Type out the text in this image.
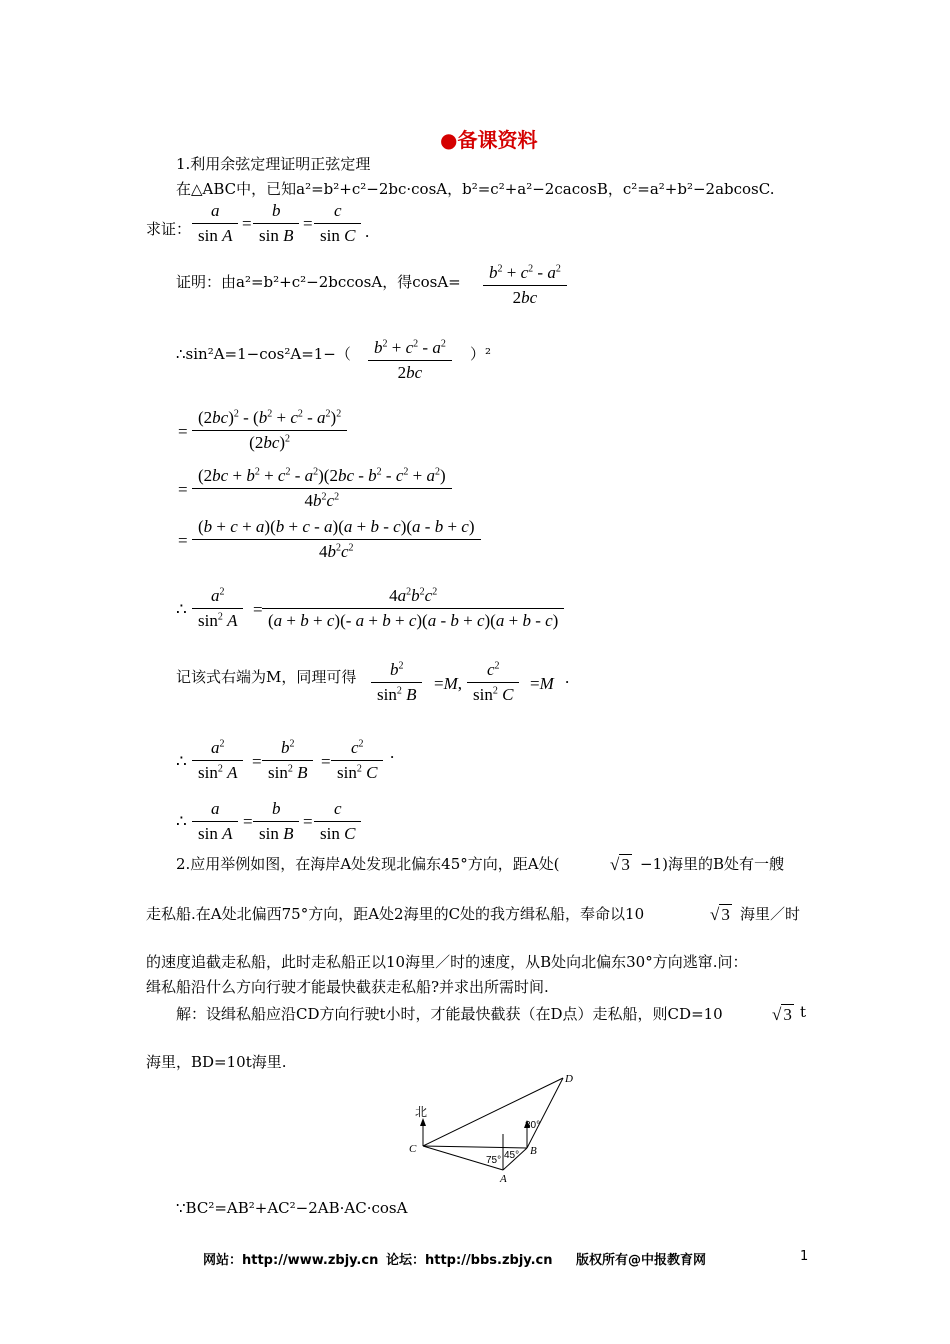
●备课资料
1.利用余弦定理证明正弦定理
在△ABC中，已知a²=b²+c²−2bc·cosA，b²=c²+a²−2cacosB，c²=a²+b²−2abcosC.
求证： $\frac{a}{\text{sin A}} = \frac{b}{\text{sin B}} = \frac{c}{\text{sin C}}$ .
证明：由a²=b²+c²−2bccosA，得$\cos A= \frac{b^2 + c^2 - a^2}{2bc}$
∴sin²A=1−cos²A=1−（ $\frac{b^2 + c^2 - a^2}{2bc} )^2$
= $\frac{(2bc)^2 - (b^2 + c^2 - a^2)^2}{(2bc)^2}$
= $\frac{(2bc + b^2 + c^2 - a^2)(2bc - b^2 - c^2 + a^2)}{4b^2c^2}$
= $\frac{(b + c + a)(b + c - a)(a + b - c)(a - b + c)}{4b^2c^2}$
∴ $\frac{a^2}{\sin^2 A} = \frac{4a^2b^2c^2}{(a + b + c)(- a + b + c)(a - b + c)(a + b - c)}$
记该式右端为M，同理可得 $\frac{b^2}{\sin^2 B} =M$, $\frac{c^2}{\sin^2 C} =M$ .
∴ $\frac{a^2}{\sin^2 A} = \frac{b^2}{\sin^2 B} = \frac{c^2}{\sin^2 C}$ .
∴ $\frac{a}{\text{sin A}} = \frac{b}{\text{sin B}} = \frac{c}{\text{sin C}}$
2.应用举例如图，在海岸A处发现北偏东45°方向，距A处(	√ 3 −1)海里的B处有一艘
走私船.在A处北偏西75°方向，距A处2海里的C处的我方缉私船，奉命以10	√ 3 海里／时
的速度追截走私船，此时走私船正以10海里／时的速度，从B处向北偏东30°方向逃窜.问：
缉私船沿什么方向行驶才能最快截获走私船?并求出所需时间.
解：设缉私船应沿CD方向行驶t小时，才能最快截获（在D点）走私船，则CD=10	√ 3 t
海里，BD=10t海里.
C
A
B
D
北
75° 45°
30°
∵BC²=AB²+AC²−2AB·AC·cosA
网站：http://www.zbjy.cn 论坛：http://bbs.zbjy.cn 版权所有@中报教育网	1
